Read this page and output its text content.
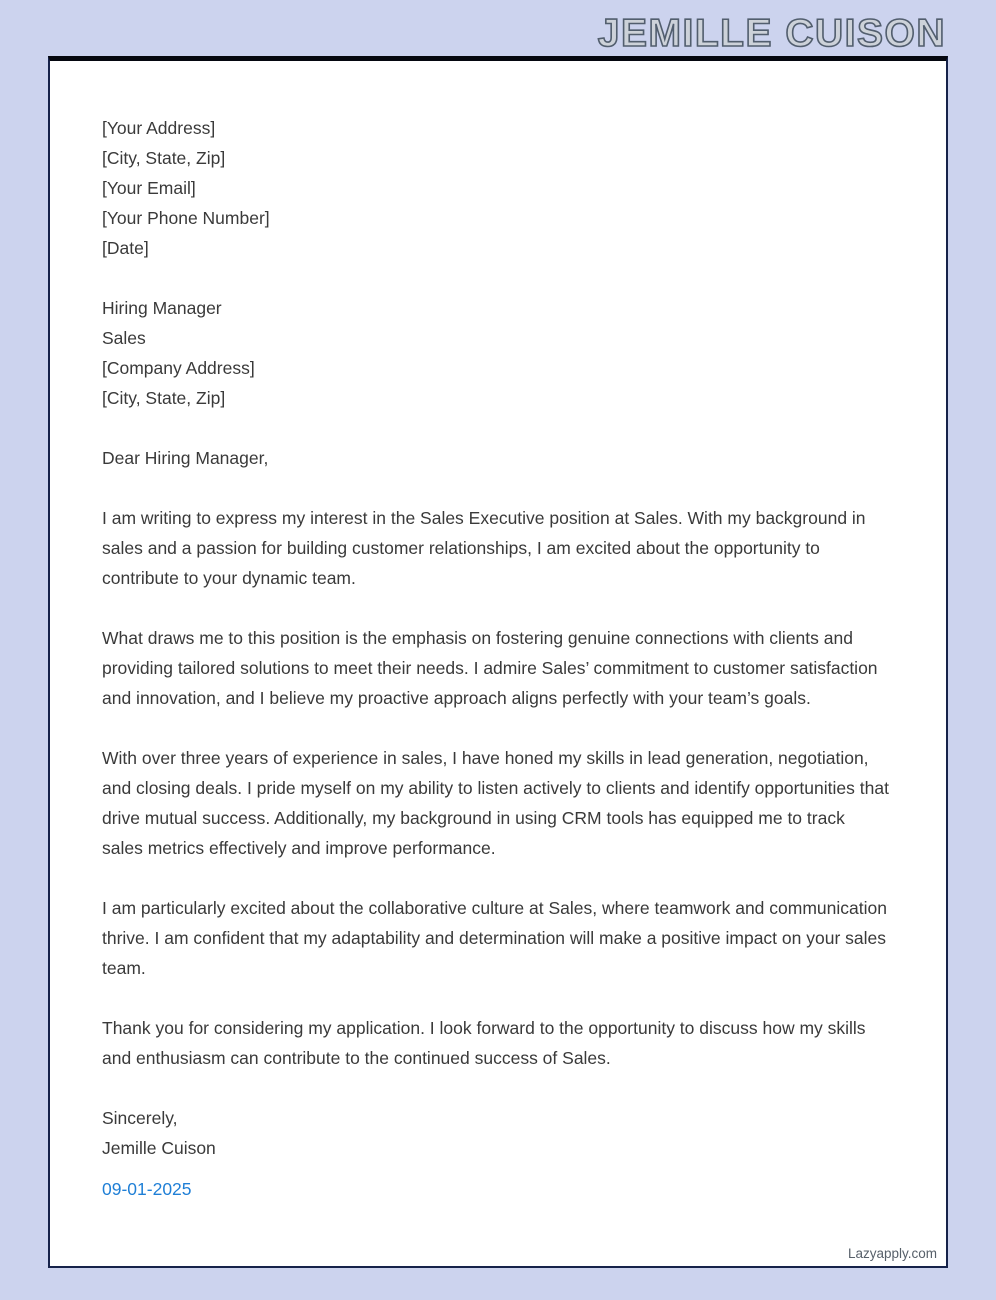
JEMILLE CUISON
[Your Address]
[City, State, Zip]
[Your Email]
[Your Phone Number]
[Date]
Hiring Manager
Sales
[Company Address]
[City, State, Zip]
Dear Hiring Manager,
I am writing to express my interest in the Sales Executive position at Sales. With my background in sales and a passion for building customer relationships, I am excited about the opportunity to contribute to your dynamic team.
What draws me to this position is the emphasis on fostering genuine connections with clients and providing tailored solutions to meet their needs. I admire Sales’ commitment to customer satisfaction and innovation, and I believe my proactive approach aligns perfectly with your team’s goals.
With over three years of experience in sales, I have honed my skills in lead generation, negotiation, and closing deals. I pride myself on my ability to listen actively to clients and identify opportunities that drive mutual success. Additionally, my background in using CRM tools has equipped me to track sales metrics effectively and improve performance.
I am particularly excited about the collaborative culture at Sales, where teamwork and communication thrive. I am confident that my adaptability and determination will make a positive impact on your sales team.
Thank you for considering my application. I look forward to the opportunity to discuss how my skills and enthusiasm can contribute to the continued success of Sales.
Sincerely,
Jemille Cuison
09-01-2025
Lazyapply.com
